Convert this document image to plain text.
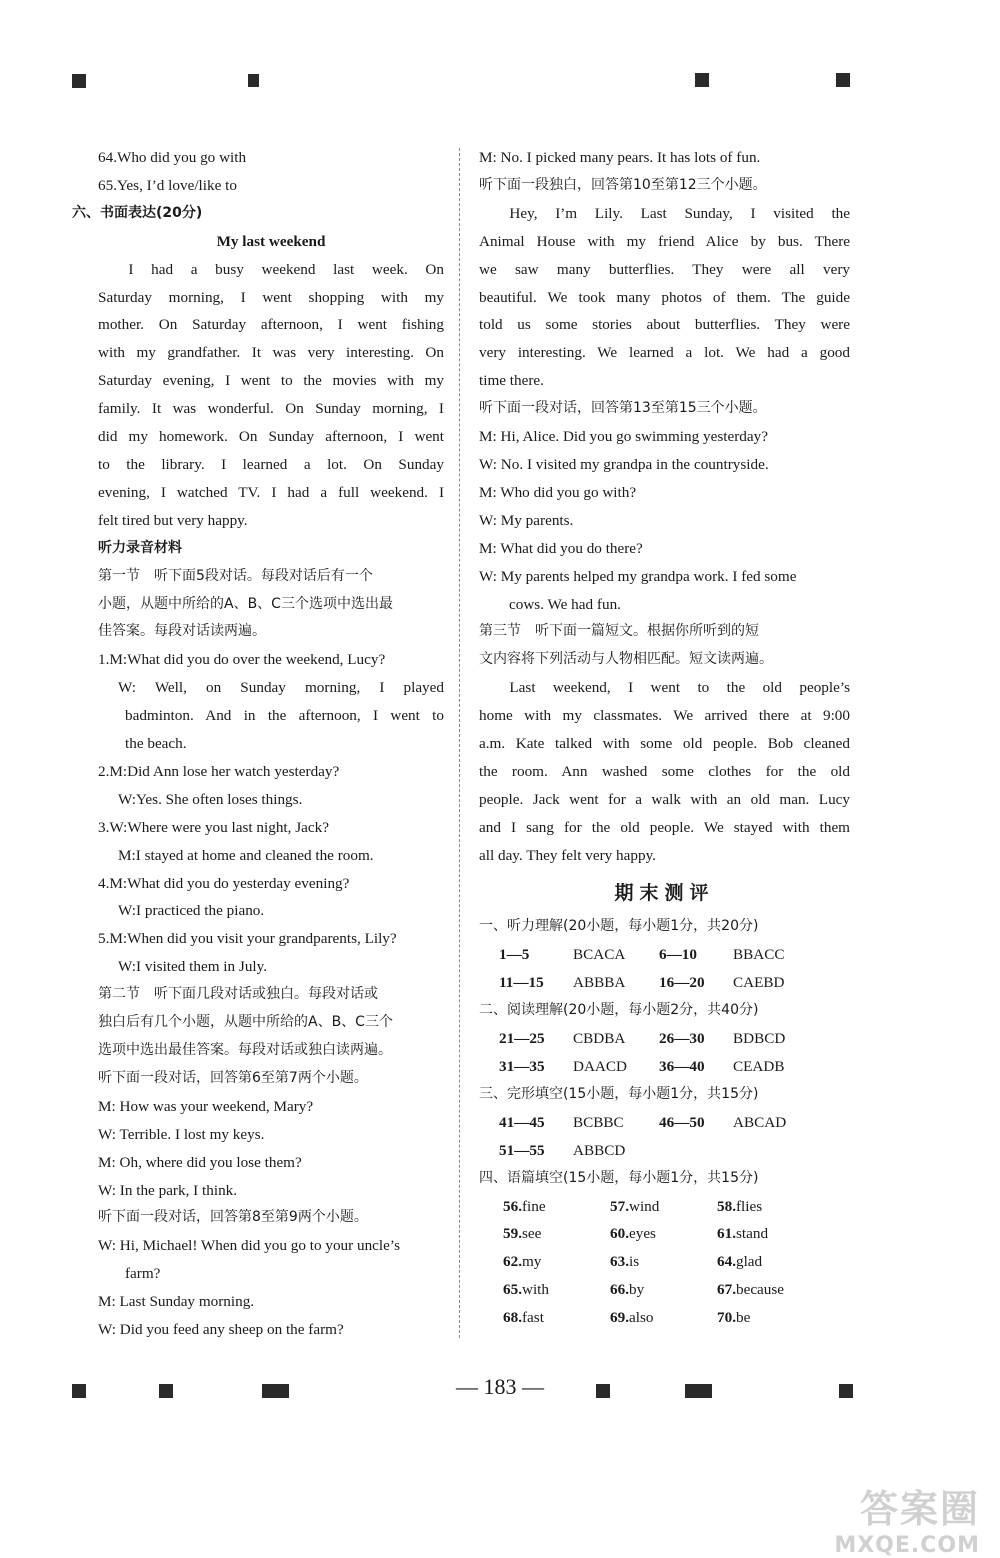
64.Who did you go with
65.Yes, I’d love/like to
六、书面表达(20分)
My last weekend
I had a busy weekend last week. On
Saturday morning, I went shopping with my
mother. On Saturday afternoon, I went fishing
with my grandfather. It was very interesting. On
Saturday evening, I went to the movies with my
family. It was wonderful. On Sunday morning, I
did my homework. On Sunday afternoon, I went
to the library. I learned a lot. On Sunday
evening, I watched TV. I had a full weekend. I
felt tired but very happy.
听力录音材料
第一节　听下面5段对话。每段对话后有一个
小题，从题中所给的A、B、C三个选项中选出最
佳答案。每段对话读两遍。
1.M:What did you do over the weekend, Lucy?
W: Well, on Sunday morning, I played
badminton. And in the afternoon, I went to
the beach.
2.M:Did Ann lose her watch yesterday?
W:Yes. She often loses things.
3.W:Where were you last night, Jack?
M:I stayed at home and cleaned the room.
4.M:What did you do yesterday evening?
W:I practiced the piano.
5.M:When did you visit your grandparents, Lily?
W:I visited them in July.
第二节　听下面几段对话或独白。每段对话或
独白后有几个小题，从题中所给的A、B、C三个
选项中选出最佳答案。每段对话或独白读两遍。
听下面一段对话，回答第6至第7两个小题。
M: How was your weekend, Mary?
W: Terrible. I lost my keys.
M: Oh, where did you lose them?
W: In the park, I think.
听下面一段对话，回答第8至第9两个小题。
W: Hi, Michael! When did you go to your uncle’s
farm?
M: Last Sunday morning.
W: Did you feed any sheep on the farm?
M: No. I picked many pears. It has lots of fun.
听下面一段独白，回答第10至第12三个小题。
Hey, I’m Lily. Last Sunday, I visited the
Animal House with my friend Alice by bus. There
we saw many butterflies. They were all very
beautiful. We took many photos of them. The guide
told us some stories about butterflies. They were
very interesting. We learned a lot. We had a good
time there.
听下面一段对话，回答第13至第15三个小题。
M: Hi, Alice. Did you go swimming yesterday?
W: No. I visited my grandpa in the countryside.
M: Who did you go with?
W: My parents.
M: What did you do there?
W: My parents helped my grandpa work. I fed some
cows. We had fun.
第三节　听下面一篇短文。根据你所听到的短
文内容将下列活动与人物相匹配。短文读两遍。
Last weekend, I went to the old people’s
home with my classmates. We arrived there at 9:00
a.m. Kate talked with some old people. Bob cleaned
the room. Ann washed some clothes for the old
people. Jack went for a walk with an old man. Lucy
and I sang for the old people. We stayed with them
all day. They felt very happy.
期末测评
一、听力理解(20小题，每小题1分，共20分)
1—5	BCACA	6—10	BBACC
11—15	ABBBA	16—20	CAEBD
二、阅读理解(20小题，每小题2分，共40分)
21—25	CBDBA	26—30	BDBCD
31—35	DAACD	36—40	CEADB
三、完形填空(15小题，每小题1分，共15分)
41—45	BCBBC	46—50	ABCAD
51—55	ABBCD
四、语篇填空(15小题，每小题1分，共15分)
56.fine	57.wind	58.flies
59.see	60.eyes	61.stand
62.my	63.is	64.glad
65.with	66.by	67.because
68.fast	69.also	70.be
— 183 —
答案圈
MXQE.COM
